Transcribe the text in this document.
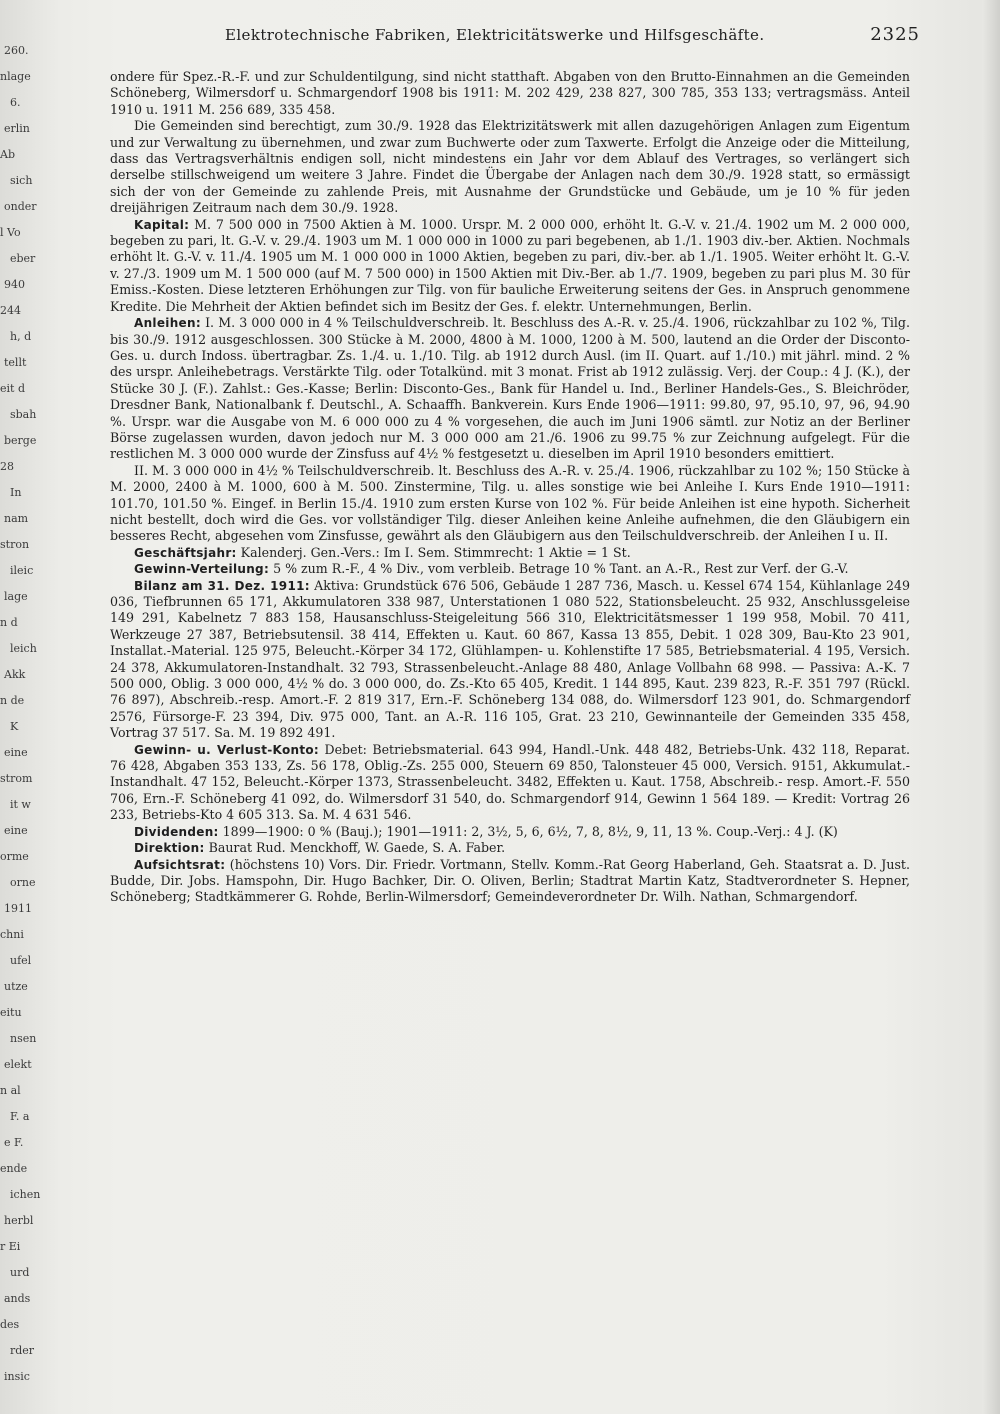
260.
nlage
6.
erlin
Ab
sich
onder
l Vo
eber
940
244
h, d
tellt
eit d
sbah
berge
28
In
nam
stron
ileic
lage
n d
leich
Akk
n de
K
eine
strom
it w
eine
orme
orne
1911
chni
ufel
utze
eitu
nsen
elekt
n al
F. a
e F.
ende
ichen
herbl
r Ei
urd
ands
des
rder
insic
Elektrotechnische Fabriken, Elektricitätswerke und Hilfsgeschäfte.	2325

ondere für Spez.-R.-F. und zur Schuldentilgung, sind nicht statthaft. Abgaben von den Brutto-Einnahmen an die Gemeinden Schöneberg, Wilmersdorf u. Schmargendorf 1908 bis 1911: M. 202 429, 238 827, 300 785, 353 133; vertragsmäss. Anteil 1910 u. 1911 M. 256 689, 335 458.

Die Gemeinden sind berechtigt, zum 30./9. 1928 das Elektrizitätswerk mit allen dazugehörigen Anlagen zum Eigentum und zur Verwaltung zu übernehmen, und zwar zum Buchwerte oder zum Taxwerte. Erfolgt die Anzeige oder die Mitteilung, dass das Vertragsverhältnis endigen soll, nicht mindestens ein Jahr vor dem Ablauf des Vertrages, so verlängert sich derselbe stillschweigend um weitere 3 Jahre. Findet die Übergabe der Anlagen nach dem 30./9. 1928 statt, so ermässigt sich der von der Gemeinde zu zahlende Preis, mit Ausnahme der Grundstücke und Gebäude, um je 10 % für jeden dreijährigen Zeitraum nach dem 30./9. 1928.

Kapital: M. 7 500 000 in 7500 Aktien à M. 1000. Urspr. M. 2 000 000, erhöht lt. G.-V. v. 21./4. 1902 um M. 2 000 000, begeben zu pari, lt. G.-V. v. 29./4. 1903 um M. 1 000 000 in 1000 zu pari begebenen, ab 1./1. 1903 div.-ber. Aktien. Nochmals erhöht lt. G.-V. v. 11./4. 1905 um M. 1 000 000 in 1000 Aktien, begeben zu pari, div.-ber. ab 1./1. 1905. Weiter erhöht lt. G.-V. v. 27./3. 1909 um M. 1 500 000 (auf M. 7 500 000) in 1500 Aktien mit Div.-Ber. ab 1./7. 1909, begeben zu pari plus M. 30 für Emiss.-Kosten. Diese letzteren Erhöhungen zur Tilg. von für bauliche Erweiterung seitens der Ges. in Anspruch genommene Kredite. Die Mehrheit der Aktien befindet sich im Besitz der Ges. f. elektr. Unternehmungen, Berlin.

Anleihen: I. M. 3 000 000 in 4 % Teilschuldverschreib. lt. Beschluss des A.-R. v. 25./4. 1906, rückzahlbar zu 102 %, Tilg. bis 30./9. 1912 ausgeschlossen. 300 Stücke à M. 2000, 4800 à M. 1000, 1200 à M. 500, lautend an die Order der Disconto-Ges. u. durch Indoss. übertragbar. Zs. 1./4. u. 1./10. Tilg. ab 1912 durch Ausl. (im II. Quart. auf 1./10.) mit jährl. mind. 2 % des urspr. Anleihebetrags. Verstärkte Tilg. oder Totalkünd. mit 3 monat. Frist ab 1912 zulässig. Verj. der Coup.: 4 J. (K.), der Stücke 30 J. (F.). Zahlst.: Ges.-Kasse; Berlin: Disconto-Ges., Bank für Handel u. Ind., Berliner Handels-Ges., S. Bleichröder, Dresdner Bank, Nationalbank f. Deutschl., A. Schaaffh. Bankverein. Kurs Ende 1906—1911: 99.80, 97, 95.10, 97, 96, 94.90 %. Urspr. war die Ausgabe von M. 6 000 000 zu 4 % vorgesehen, die auch im Juni 1906 sämtl. zur Notiz an der Berliner Börse zugelassen wurden, davon jedoch nur M. 3 000 000 am 21./6. 1906 zu 99.75 % zur Zeichnung aufgelegt. Für die restlichen M. 3 000 000 wurde der Zinsfuss auf 4½ % festgesetzt u. dieselben im April 1910 besonders emittiert.

II. M. 3 000 000 in 4½ % Teilschuldverschreib. lt. Beschluss des A.-R. v. 25./4. 1906, rückzahlbar zu 102 %; 150 Stücke à M. 2000, 2400 à M. 1000, 600 à M. 500. Zinstermine, Tilg. u. alles sonstige wie bei Anleihe I. Kurs Ende 1910—1911: 101.70, 101.50 %. Eingef. in Berlin 15./4. 1910 zum ersten Kurse von 102 %. Für beide Anleihen ist eine hypoth. Sicherheit nicht bestellt, doch wird die Ges. vor vollständiger Tilg. dieser Anleihen keine Anleihe aufnehmen, die den Gläubigern ein besseres Recht, abgesehen vom Zinsfusse, gewährt als den Gläubigern aus den Teilschuldverschreib. der Anleihen I u. II.

Geschäftsjahr: Kalenderj. Gen.-Vers.: Im I. Sem. Stimmrecht: 1 Aktie = 1 St.

Gewinn-Verteilung: 5 % zum R.-F., 4 % Div., vom verbleib. Betrage 10 % Tant. an A.-R., Rest zur Verf. der G.-V.

Bilanz am 31. Dez. 1911: Aktiva: Grundstück 676 506, Gebäude 1 287 736, Masch. u. Kessel 674 154, Kühlanlage 249 036, Tiefbrunnen 65 171, Akkumulatoren 338 987, Unterstationen 1 080 522, Stationsbeleucht. 25 932, Anschlussgeleise 149 291, Kabelnetz 7 883 158, Hausanschluss-Steigeleitung 566 310, Elektricitätsmesser 1 199 958, Mobil. 70 411, Werkzeuge 27 387, Betriebsutensil. 38 414, Effekten u. Kaut. 60 867, Kassa 13 855, Debit. 1 028 309, Bau-Kto 23 901, Installat.-Material. 125 975, Beleucht.-Körper 34 172, Glühlampen- u. Kohlenstifte 17 585, Betriebsmaterial. 4 195, Versich. 24 378, Akkumulatoren-Instandhalt. 32 793, Strassenbeleucht.-Anlage 88 480, Anlage Vollbahn 68 998. — Passiva: A.-K. 7 500 000, Oblig. 3 000 000, 4½ % do. 3 000 000, do. Zs.-Kto 65 405, Kredit. 1 144 895, Kaut. 239 823, R.-F. 351 797 (Rückl. 76 897), Abschreib.-resp. Amort.-F. 2 819 317, Ern.-F. Schöneberg 134 088, do. Wilmersdorf 123 901, do. Schmargendorf 2576, Fürsorge-F. 23 394, Div. 975 000, Tant. an A.-R. 116 105, Grat. 23 210, Gewinnanteile der Gemeinden 335 458, Vortrag 37 517. Sa. M. 19 892 491.

Gewinn- u. Verlust-Konto: Debet: Betriebsmaterial. 643 994, Handl.-Unk. 448 482, Betriebs-Unk. 432 118, Reparat. 76 428, Abgaben 353 133, Zs. 56 178, Oblig.-Zs. 255 000, Steuern 69 850, Talonsteuer 45 000, Versich. 9151, Akkumulat.-Instandhalt. 47 152, Beleucht.-Körper 1373, Strassenbeleucht. 3482, Effekten u. Kaut. 1758, Abschreib.- resp. Amort.-F. 550 706, Ern.-F. Schöneberg 41 092, do. Wilmersdorf 31 540, do. Schmargendorf 914, Gewinn 1 564 189. — Kredit: Vortrag 26 233, Betriebs-Kto 4 605 313. Sa. M. 4 631 546.

Dividenden: 1899—1900: 0 % (Bauj.); 1901—1911: 2, 3½, 5, 6, 6½, 7, 8, 8½, 9, 11, 13 %. Coup.-Verj.: 4 J. (K)

Direktion: Baurat Rud. Menckhoff, W. Gaede, S. A. Faber.

Aufsichtsrat: (höchstens 10) Vors. Dir. Friedr. Vortmann, Stellv. Komm.-Rat Georg Haberland, Geh. Staatsrat a. D. Just. Budde, Dir. Jobs. Hamspohn, Dir. Hugo Bachker, Dir. O. Oliven, Berlin; Stadtrat Martin Katz, Stadtverordneter S. Hepner, Schöneberg; Stadtkämmerer G. Rohde, Berlin-Wilmersdorf; Gemeindeverordneter Dr. Wilh. Nathan, Schmargendorf.
